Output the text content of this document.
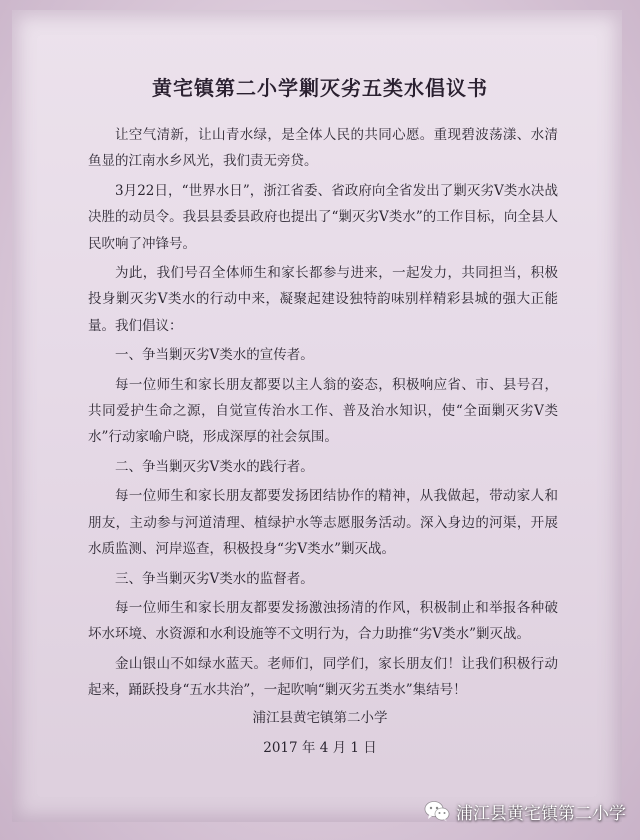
黄宅镇第二小学剿灭劣五类水倡议书

让空气清新，让山青水绿，是全体人民的共同心愿。重现碧波荡漾、水清鱼显的江南水乡风光，我们责无旁贷。

3月22日，“世界水日”，浙江省委、省政府向全省发出了剿灭劣Ⅴ类水决战决胜的动员令。我县县委县政府也提出了“剿灭劣Ⅴ类水”的工作目标，向全县人民吹响了冲锋号。

为此，我们号召全体师生和家长都参与进来，一起发力，共同担当，积极投身剿灭劣Ⅴ类水的行动中来，凝聚起建设独特韵味别样精彩县城的强大正能量。我们倡议：

一、争当剿灭劣Ⅴ类水的宣传者。

每一位师生和家长朋友都要以主人翁的姿态，积极响应省、市、县号召，共同爱护生命之源，自觉宣传治水工作、普及治水知识，使“全面剿灭劣Ⅴ类水”行动家喻户晓，形成深厚的社会氛围。

二、争当剿灭劣Ⅴ类水的践行者。

每一位师生和家长朋友都要发扬团结协作的精神，从我做起，带动家人和朋友，主动参与河道清理、植绿护水等志愿服务活动。深入身边的河渠，开展水质监测、河岸巡查，积极投身“劣Ⅴ类水”剿灭战。

三、争当剿灭劣Ⅴ类水的监督者。

每一位师生和家长朋友都要发扬激浊扬清的作风，积极制止和举报各种破坏水环境、水资源和水利设施等不文明行为，合力助推“劣Ⅴ类水”剿灭战。

金山银山不如绿水蓝天。老师们，同学们，家长朋友们！让我们积极行动起来，踊跃投身“五水共治”，一起吹响“剿灭劣五类水”集结号！

浦江县黄宅镇第二小学
2017 年 4 月 1 日
浦江县黄宅镇第二小学
